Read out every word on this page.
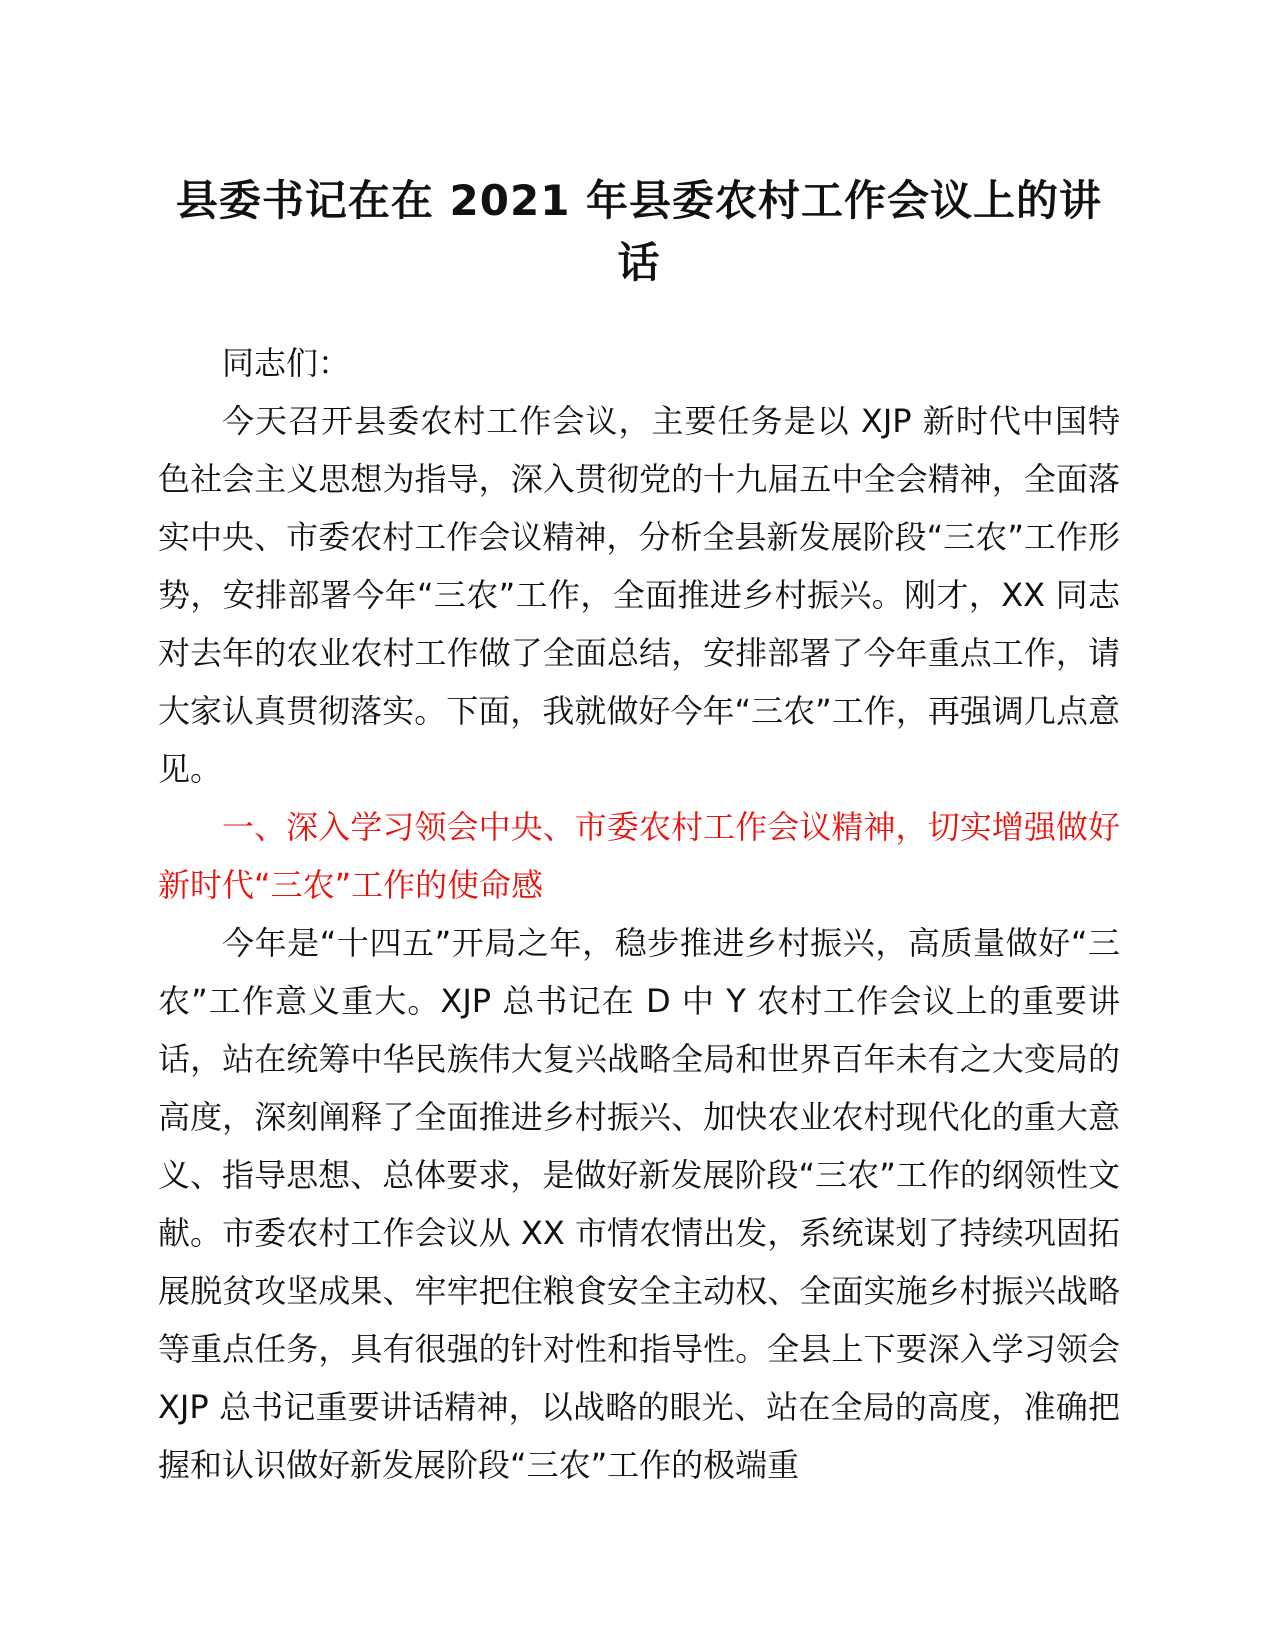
县委书记在在 2021 年县委农村工作会议上的讲话

同志们：

今天召开县委农村工作会议，主要任务是以 XJP 新时代中国特色社会主义思想为指导，深入贯彻党的十九届五中全会精神，全面落实中央、市委农村工作会议精神，分析全县新发展阶段“三农”工作形势，安排部署今年“三农”工作，全面推进乡村振兴。刚才，XX 同志对去年的农业农村工作做了全面总结，安排部署了今年重点工作，请大家认真贯彻落实。下面，我就做好今年“三农”工作，再强调几点意见。

一、深入学习领会中央、市委农村工作会议精神，切实增强做好新时代“三农”工作的使命感

今年是“十四五”开局之年，稳步推进乡村振兴，高质量做好“三农”工作意义重大。XJP 总书记在 D 中 Y 农村工作会议上的重要讲话，站在统筹中华民族伟大复兴战略全局和世界百年未有之大变局的高度，深刻阐释了全面推进乡村振兴、加快农业农村现代化的重大意义、指导思想、总体要求，是做好新发展阶段“三农”工作的纲领性文献。市委农村工作会议从 XX 市情农情出发，系统谋划了持续巩固拓展脱贫攻坚成果、牢牢把住粮食安全主动权、全面实施乡村振兴战略等重点任务，具有很强的针对性和指导性。全县上下要深入学习领会 XJP 总书记重要讲话精神，以战略的眼光、站在全局的高度，准确把握和认识做好新发展阶段“三农”工作的极端重
